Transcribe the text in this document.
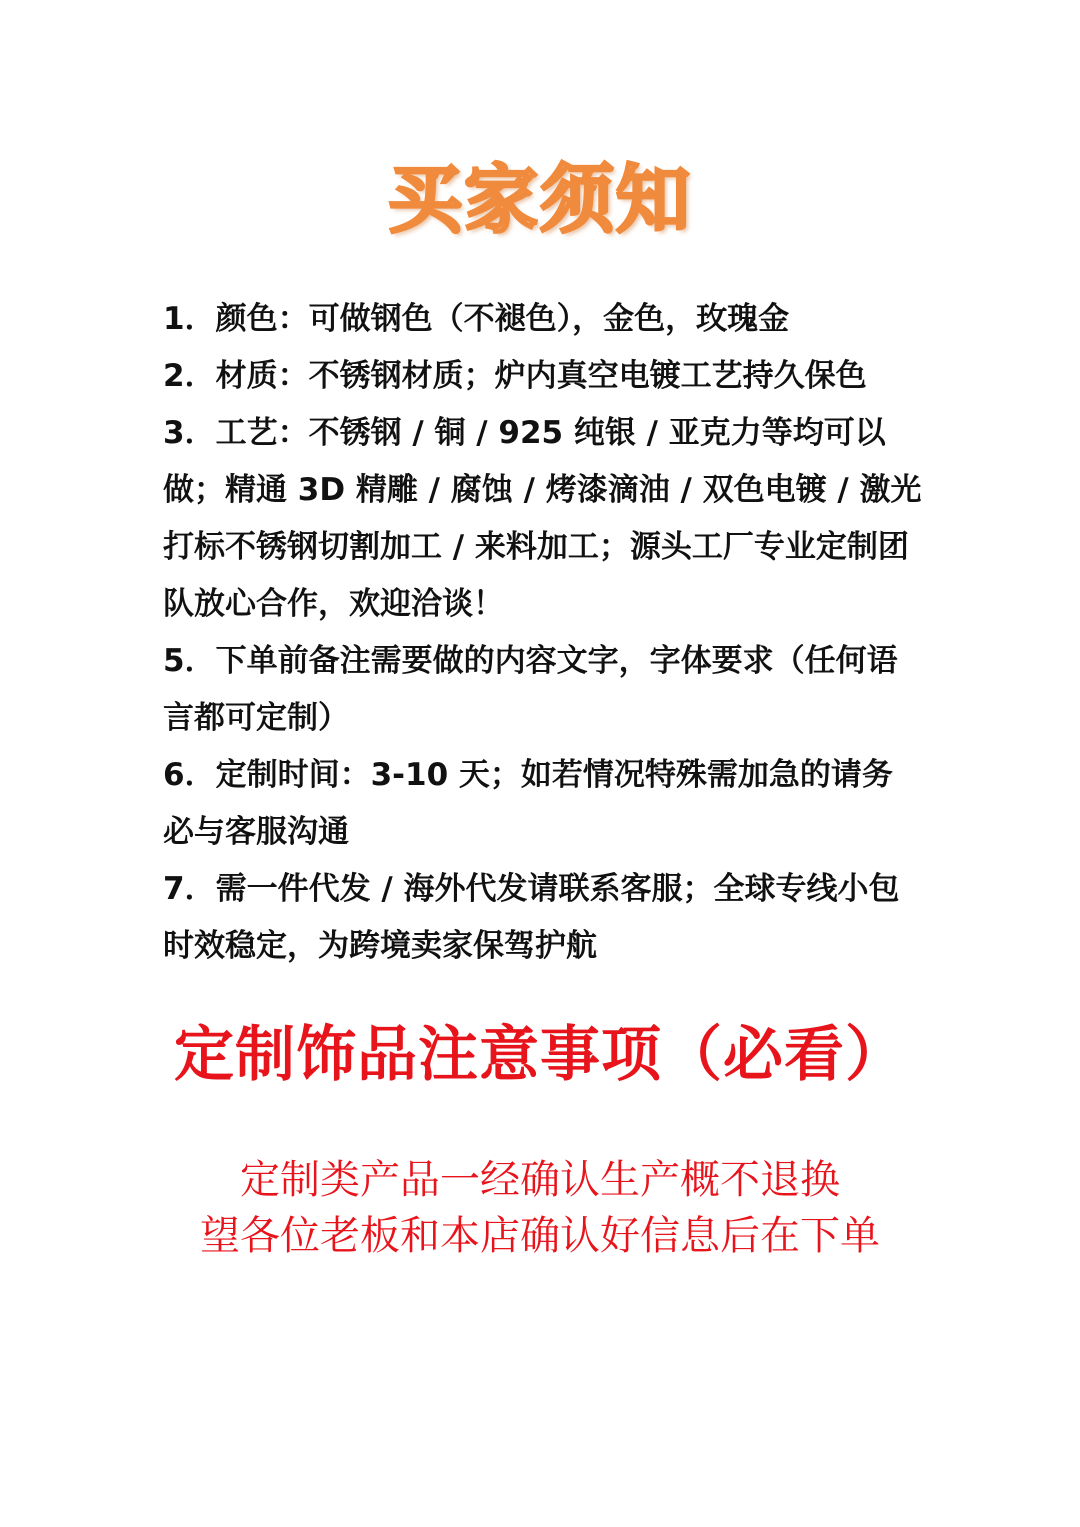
买家须知
1．颜色：可做钢色（不褪色），金色，玫瑰金
2．材质：不锈钢材质；炉内真空电镀工艺持久保色
3．工艺：不锈钢 / 铜 / 925 纯银 / 亚克力等均可以做；精通 3D 精雕 / 腐蚀 / 烤漆滴油 / 双色电镀 / 激光打标不锈钢切割加工 / 来料加工；源头工厂专业定制团队放心合作，欢迎洽谈！
5．下单前备注需要做的内容文字，字体要求（任何语言都可定制）
6．定制时间：3-10 天；如若情况特殊需加急的请务必与客服沟通
7．需一件代发 / 海外代发请联系客服；全球专线小包时效稳定，为跨境卖家保驾护航
定制饰品注意事项（必看）
定制类产品一经确认生产概不退换
望各位老板和本店确认好信息后在下单
